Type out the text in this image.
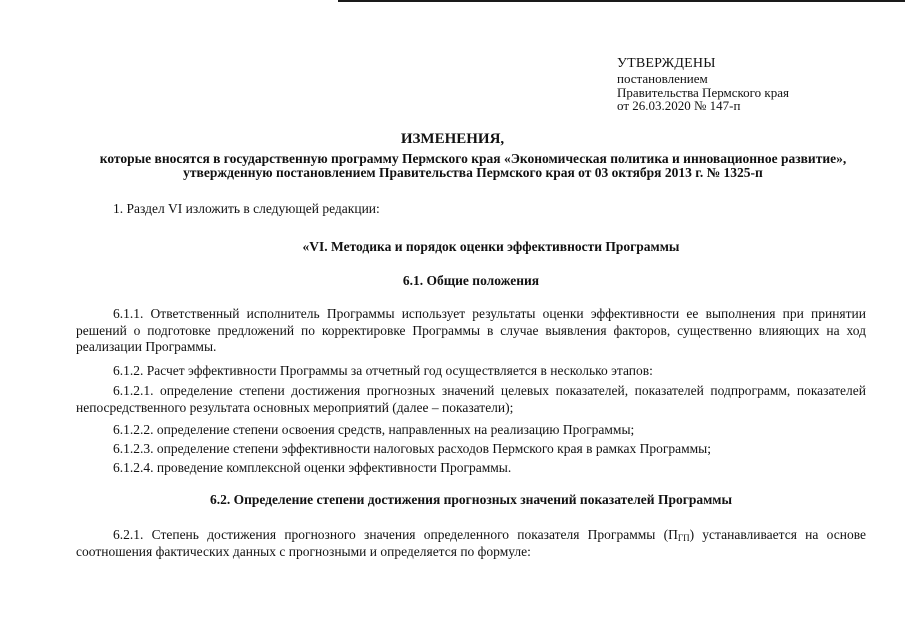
УТВЕРЖДЕНЫ
постановлением
Правительства Пермского края
от 26.03.2020 № 147-п
ИЗМЕНЕНИЯ,
которые вносятся в государственную программу Пермского края «Экономическая политика и инновационное развитие», утвержденную постановлением Правительства Пермского края от 03 октября 2013 г. № 1325-п
1. Раздел VI изложить в следующей редакции:
«VI. Методика и порядок оценки эффективности Программы
6.1. Общие положения
6.1.1. Ответственный исполнитель Программы использует результаты оценки эффективности ее выполнения при принятии решений о подготовке предложений по корректировке Программы в случае выявления факторов, существенно влияющих на ход реализации Программы.
6.1.2. Расчет эффективности Программы за отчетный год осуществляется в несколько этапов:
6.1.2.1. определение степени достижения прогнозных значений целевых показателей, показателей подпрограмм, показателей непосредственного результата основных мероприятий (далее – показатели);
6.1.2.2. определение степени освоения средств, направленных на реализацию Программы;
6.1.2.3. определение степени эффективности налоговых расходов Пермского края в рамках Программы;
6.1.2.4. проведение комплексной оценки эффективности Программы.
6.2. Определение степени достижения прогнозных значений показателей Программы
6.2.1. Степень достижения прогнозного значения определенного показателя Программы $(П_{ГП})$ устанавливается на основе соотношения фактических данных с прогнозными и определяется по формуле:
